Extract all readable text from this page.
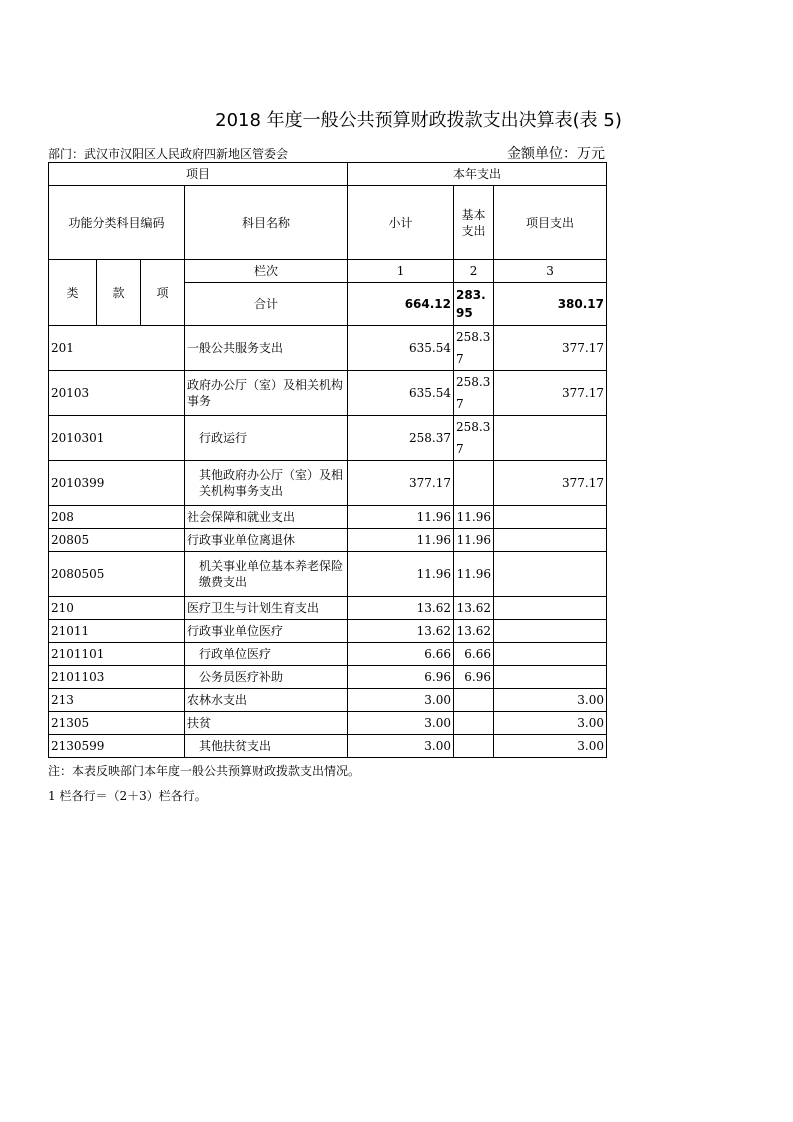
2018 年度一般公共预算财政拨款支出决算表(表 5)
部门：武汉市汉阳区人民政府四新地区管委会	金额单位：万元
项目				本年支出		
功能分类科目编码			科目名称	小计	基本支出	项目支出
类	款	项	栏次	1	2	3
			合计	664.12	283.95	380.17
201			一般公共服务支出	635.54	258.37	377.17
20103			政府办公厅（室）及相关机构事务	635.54	258.37	377.17
2010301			行政运行	258.37	258.37	
2010399			其他政府办公厅（室）及相关机构事务支出	377.17		377.17
208			社会保障和就业支出	11.96	11.96	
20805			行政事业单位离退休	11.96	11.96	
2080505			机关事业单位基本养老保险缴费支出	11.96	11.96	
210			医疗卫生与计划生育支出	13.62	13.62	
21011			行政事业单位医疗	13.62	13.62	
2101101			行政单位医疗	6.66	6.66	
2101103			公务员医疗补助	6.96	6.96	
213			农林水支出	3.00		3.00
21305			扶贫	3.00		3.00
2130599			其他扶贫支出	3.00		3.00
注：本表反映部门本年度一般公共预算财政拨款支出情况。
1 栏各行＝（2＋3）栏各行。
